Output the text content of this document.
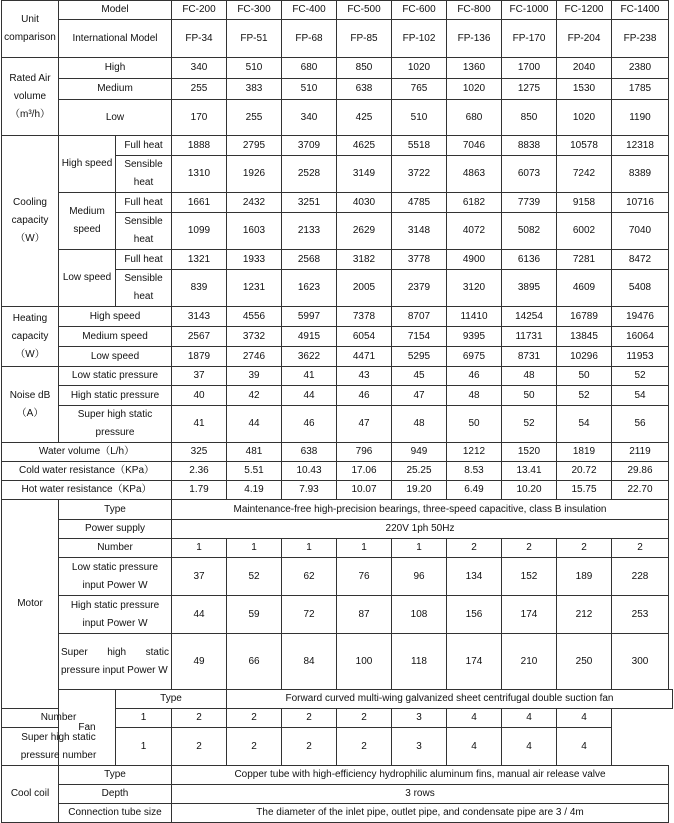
Unit comparison	Model		FC-200	FC-300	FC-400	FC-500	FC-600	FC-800	FC-1000	FC-1200	FC-1400
	International Model		FP-34	FP-51	FP-68	FP-85	FP-102	FP-136	FP-170	FP-204	FP-238
Rated Air volume（m³/h）	High		340	510	680	850	1020	1360	1700	2040	2380
	Medium		255	383	510	638	765	1020	1275	1530	1785
	Low		170	255	340	425	510	680	850	1020	1190
Cooling capacity（W）	High speed	Full heat	1888	2795	3709	4625	5518	7046	8838	10578	12318
		Sensible heat	1310	1926	2528	3149	3722	4863	6073	7242	8389
	Medium speed	Full heat	1661	2432	3251	4030	4785	6182	7739	9158	10716
		Sensible heat	1099	1603	2133	2629	3148	4072	5082	6002	7040
	Low speed	Full heat	1321	1933	2568	3182	3778	4900	6136	7281	8472
		Sensible heat	839	1231	1623	2005	2379	3120	3895	4609	5408
Heating capacity（W）	High speed		3143	4556	5997	7378	8707	11410	14254	16789	19476
	Medium speed		2567	3732	4915	6054	7154	9395	11731	13845	16064
	Low speed		1879	2746	3622	4471	5295	6975	8731	10296	11953
Noise dB（A）	Low static pressure		37	39	41	43	45	46	48	50	52
	High static pressure		40	42	44	46	47	48	50	52	54
	Super high static pressure		41	44	46	47	48	50	52	54	56
Water volume（L/h）			325	481	638	796	949	1212	1520	1819	2119
Cold water resistance（KPa）			2.36	5.51	10.43	17.06	25.25	8.53	13.41	20.72	29.86
Hot water resistance（KPa）			1.79	4.19	7.93	10.07	19.20	6.49	10.20	15.75	22.70
Motor	Type		Maintenance-free high-precision bearings, three-speed capacitive, class B insulation								
	Power supply		220V 1ph 50Hz								
	Number		1	1	1	1	1	2	2	2	2
	Low static pressure input Power W		37	52	62	76	96	134	152	189	228
	High static pressure input Power W		44	59	72	87	108	156	174	212	253
	Super high static pressure input Power W		49	66	84	100	118	174	210	250	300
	Fan	Type		Forward curved multi-wing galvanized sheet centrifugal double suction fan							
Number		1	2	2	2	2	3	4	4	4	
Super high static pressure number		1	2	2	2	2	3	4	4	4	
Cool coil	Type		Copper tube with high-efficiency hydrophilic aluminum fins, manual air release valve								
	Depth		3 rows								
	Connection tube size		The diameter of the inlet pipe, outlet pipe, and condensate pipe are 3 / 4m								
